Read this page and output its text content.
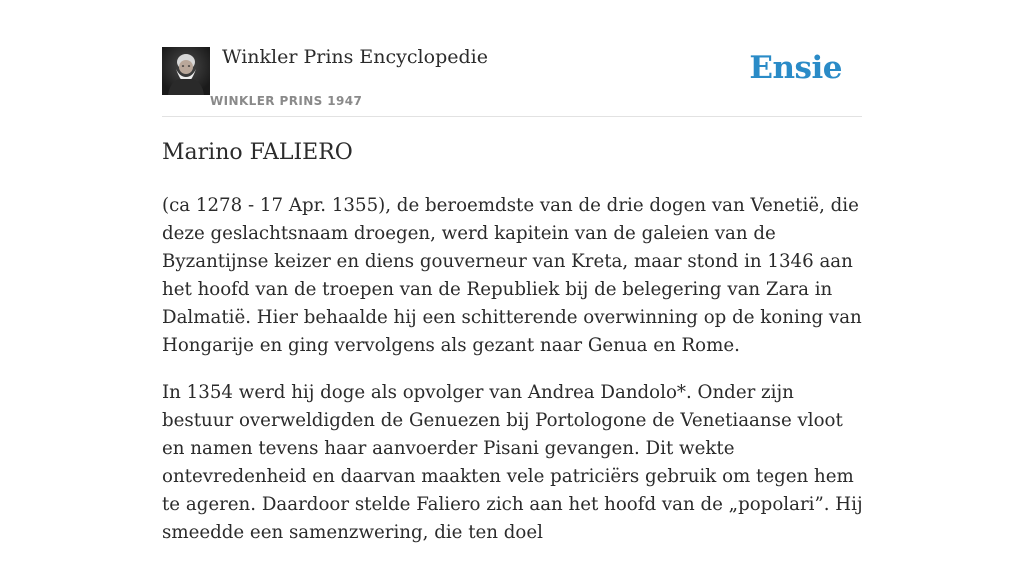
Winkler Prins Encyclopedie
WINKLER PRINS 1947
Ensie
Marino FALIERO

(ca 1278 - 17 Apr. 1355), de beroemdste van de drie dogen van Venetië, die deze geslachtsnaam droegen, werd kapitein van de galeien van de Byzantijnse keizer en diens gouverneur van Kreta, maar stond in 1346 aan het hoofd van de troepen van de Republiek bij de belegering van Zara in Dalmatië. Hier behaalde hij een schitterende overwinning op de koning van Hongarije en ging vervolgens als gezant naar Genua en Rome.

In 1354 werd hij doge als opvolger van Andrea Dandolo*. Onder zijn bestuur overweldigden de Genuezen bij Portologone de Venetiaanse vloot en namen tevens haar aanvoerder Pisani gevangen. Dit wekte ontevredenheid en daarvan maakten vele patriciërs gebruik om tegen hem te ageren. Daardoor stelde Faliero zich aan het hoofd van de „popolari”. Hij smeedde een samenzwering, die ten doel
